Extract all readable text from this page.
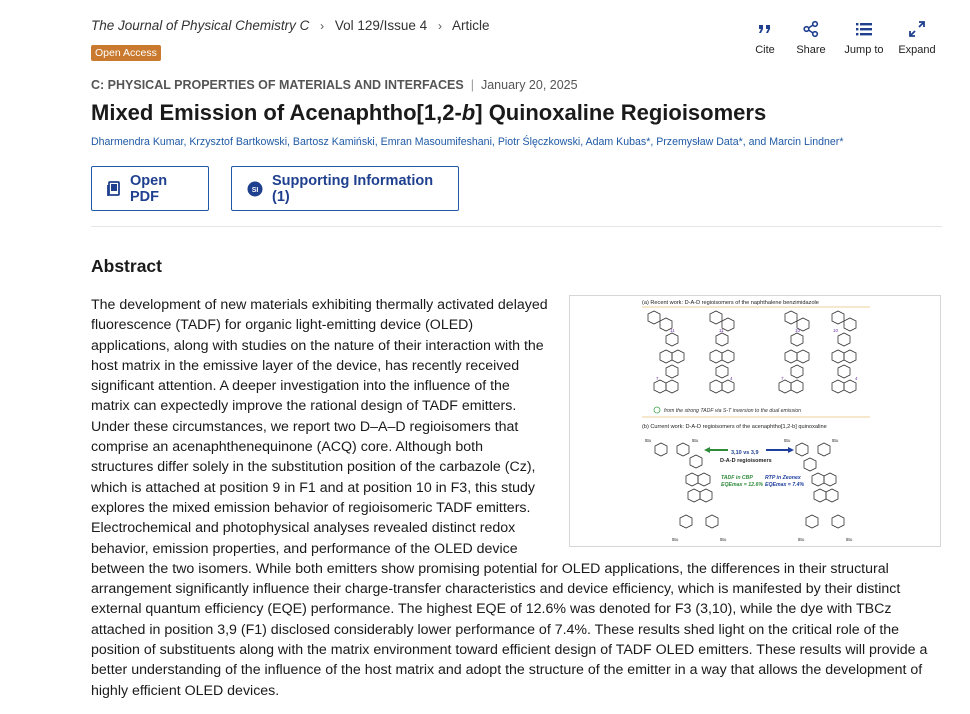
The Journal of Physical Chemistry C › Vol 129/Issue 4 › Article
Open Access	Cite Share Jump to Expand
C: PHYSICAL PROPERTIES OF MATERIALS AND INTERFACES | January 20, 2025
Mixed Emission of Acenaphtho[1,2-b] Quinoxaline Regioisomers
Dharmendra Kumar, Krzysztof Bartkowski, Bartosz Kamiński, Emran Masoumifeshani, Piotr Ślęczkowski, Adam Kubas*, Przemysław Data*, and Marcin Lindner*
Open PDF	SI
Supporting Information (1)
Abstract
(a) Recent work: D-A-D regioisomers of the naphthalene benzimidazole
11	11	10	10
7	4	7	4
from the strong TADF via S-T inversion to the dual emission
(b) Current work: D-A-D regioisomers of the acenaphtho[1,2-b] quinoxaline
3,10 vs 3,9
D-A-D regioisomers
TADF in CBP
EQEmax = 12.6%
RTP in Zeonex
EQEmax = 7.4%
tBu	tBu	tBu	tBu
tBu	tBu	tBu	tBu
The development of new materials exhibiting thermally activated delayed fluorescence (TADF) for organic light-emitting device (OLED) applications, along with studies on the nature of their interaction with the host matrix in the emissive layer of the device, has recently received significant attention. A deeper investigation into the influence of the matrix can expectedly improve the rational design of TADF emitters. Under these circumstances, we report two D–A–D regioisomers that comprise an acenaphthenequinone (ACQ) core. Although both structures differ solely in the substitution position of the carbazole (Cz), which is attached at position 9 in F1 and at position 10 in F3, this study explores the mixed emission behavior of regioisomeric TADF emitters. Electrochemical and photophysical analyses revealed distinct redox behavior, emission properties, and performance of the OLED device between the two isomers. While both emitters show promising potential for OLED applications, the differences in their structural arrangement significantly influence their charge-transfer characteristics and device efficiency, which is manifested by their distinct external quantum efficiency (EQE) performance. The highest EQE of 12.6% was denoted for F3 (3,10), while the dye with TBCz attached in position 3,9 (F1) disclosed considerably lower performance of 7.4%. These results shed light on the critical role of the position of substituents along with the matrix environment toward efficient design of TADF OLED emitters. These results will provide a better understanding of the influence of the host matrix and adopt the structure of the emitter in a way that allows the development of highly efficient OLED devices.
